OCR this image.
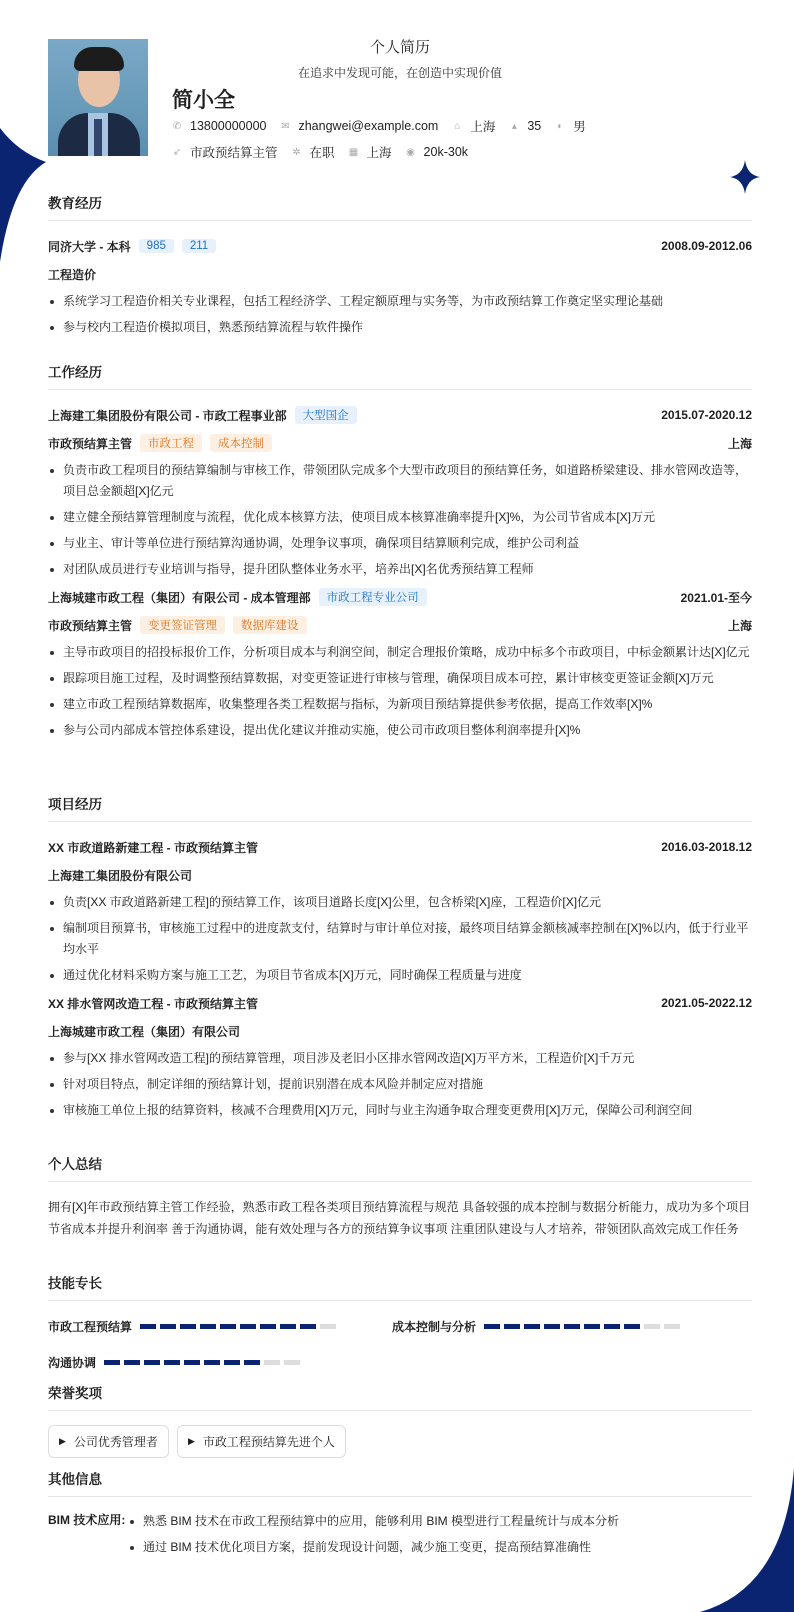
个人简历
在追求中发现可能，在创造中实现价值
简小全
✆ 13800000000 ✉ zhangwei@example.com ⌂ 上海 ▴ 35 ◐ 男
➶ 市政预结算主管 ✲ 在职 ▦ 上海 ◉ 20k-30k
教育经历
同济大学 - 本科	985	211	2008.09-2012.06
工程造价
系统学习工程造价相关专业课程，包括工程经济学、工程定额原理与实务等，为市政预结算工作奠定坚实理论基础
参与校内工程造价模拟项目，熟悉预结算流程与软件操作
工作经历
上海建工集团股份有限公司 - 市政工程事业部	大型国企	2015.07-2020.12
市政预结算主管	市政工程	成本控制	上海
负责市政工程项目的预结算编制与审核工作，带领团队完成多个大型市政项目的预结算任务，如道路桥梁建设、排水管网改造等，项目总金额超[X]亿元
建立健全预结算管理制度与流程，优化成本核算方法，使项目成本核算准确率提升[X]%，为公司节省成本[X]万元
与业主、审计等单位进行预结算沟通协调，处理争议事项，确保项目结算顺利完成，维护公司利益
对团队成员进行专业培训与指导，提升团队整体业务水平，培养出[X]名优秀预结算工程师
上海城建市政工程（集团）有限公司 - 成本管理部	市政工程专业公司	2021.01-至今
市政预结算主管	变更签证管理	数据库建设	上海
主导市政项目的招投标报价工作，分析项目成本与利润空间，制定合理报价策略，成功中标多个市政项目，中标金额累计达[X]亿元
跟踪项目施工过程，及时调整预结算数据，对变更签证进行审核与管理，确保项目成本可控，累计审核变更签证金额[X]万元
建立市政工程预结算数据库，收集整理各类工程数据与指标，为新项目预结算提供参考依据，提高工作效率[X]%
参与公司内部成本管控体系建设，提出优化建议并推动实施，使公司市政项目整体利润率提升[X]%
项目经历
XX 市政道路新建工程 - 市政预结算主管	2016.03-2018.12
上海建工集团股份有限公司
负责[XX 市政道路新建工程]的预结算工作，该项目道路长度[X]公里，包含桥梁[X]座，工程造价[X]亿元
编制项目预算书，审核施工过程中的进度款支付，结算时与审计单位对接，最终项目结算金额核减率控制在[X]%以内，低于行业平均水平
通过优化材料采购方案与施工工艺，为项目节省成本[X]万元，同时确保工程质量与进度
XX 排水管网改造工程 - 市政预结算主管	2021.05-2022.12
上海城建市政工程（集团）有限公司
参与[XX 排水管网改造工程]的预结算管理，项目涉及老旧小区排水管网改造[X]万平方米，工程造价[X]千万元
针对项目特点，制定详细的预结算计划，提前识别潜在成本风险并制定应对措施
审核施工单位上报的结算资料，核减不合理费用[X]万元，同时与业主沟通争取合理变更费用[X]万元，保障公司利润空间
个人总结
拥有[X]年市政预结算主管工作经验，熟悉市政工程各类项目预结算流程与规范 具备较强的成本控制与数据分析能力，成功为多个项目节省成本并提升利润率 善于沟通协调，能有效处理与各方的预结算争议事项 注重团队建设与人才培养，带领团队高效完成工作任务
技能专长
市政工程预结算	成本控制与分析
沟通协调
荣誉奖项
▶ 公司优秀管理者	▶ 市政工程预结算先进个人
其他信息
BIM 技术应用:	熟悉 BIM 技术在市政工程预结算中的应用，能够利用 BIM 模型进行工程量统计与成本分析
通过 BIM 技术优化项目方案，提前发现设计问题，减少施工变更，提高预结算准确性
